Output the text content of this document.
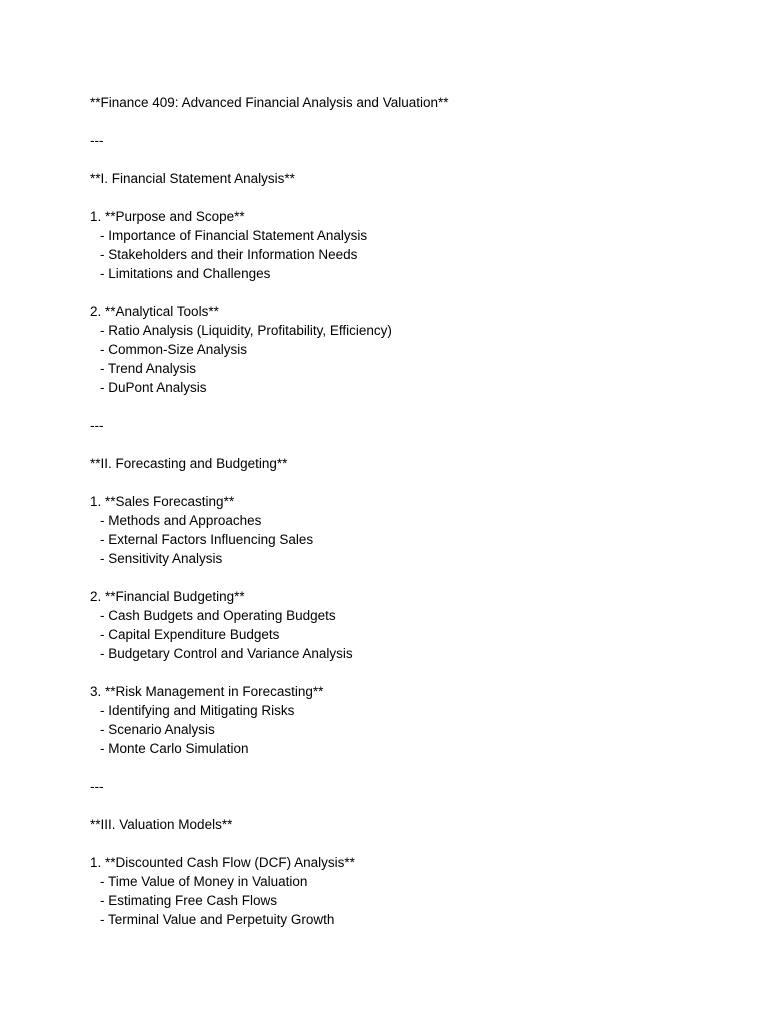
**Finance 409: Advanced Financial Analysis and Valuation**
---
**I. Financial Statement Analysis**
1. **Purpose and Scope**
- Importance of Financial Statement Analysis
- Stakeholders and their Information Needs
- Limitations and Challenges
2. **Analytical Tools**
- Ratio Analysis (Liquidity, Profitability, Efficiency)
- Common-Size Analysis
- Trend Analysis
- DuPont Analysis
---
**II. Forecasting and Budgeting**
1. **Sales Forecasting**
- Methods and Approaches
- External Factors Influencing Sales
- Sensitivity Analysis
2. **Financial Budgeting**
- Cash Budgets and Operating Budgets
- Capital Expenditure Budgets
- Budgetary Control and Variance Analysis
3. **Risk Management in Forecasting**
- Identifying and Mitigating Risks
- Scenario Analysis
- Monte Carlo Simulation
---
**III. Valuation Models**
1. **Discounted Cash Flow (DCF) Analysis**
- Time Value of Money in Valuation
- Estimating Free Cash Flows
- Terminal Value and Perpetuity Growth
